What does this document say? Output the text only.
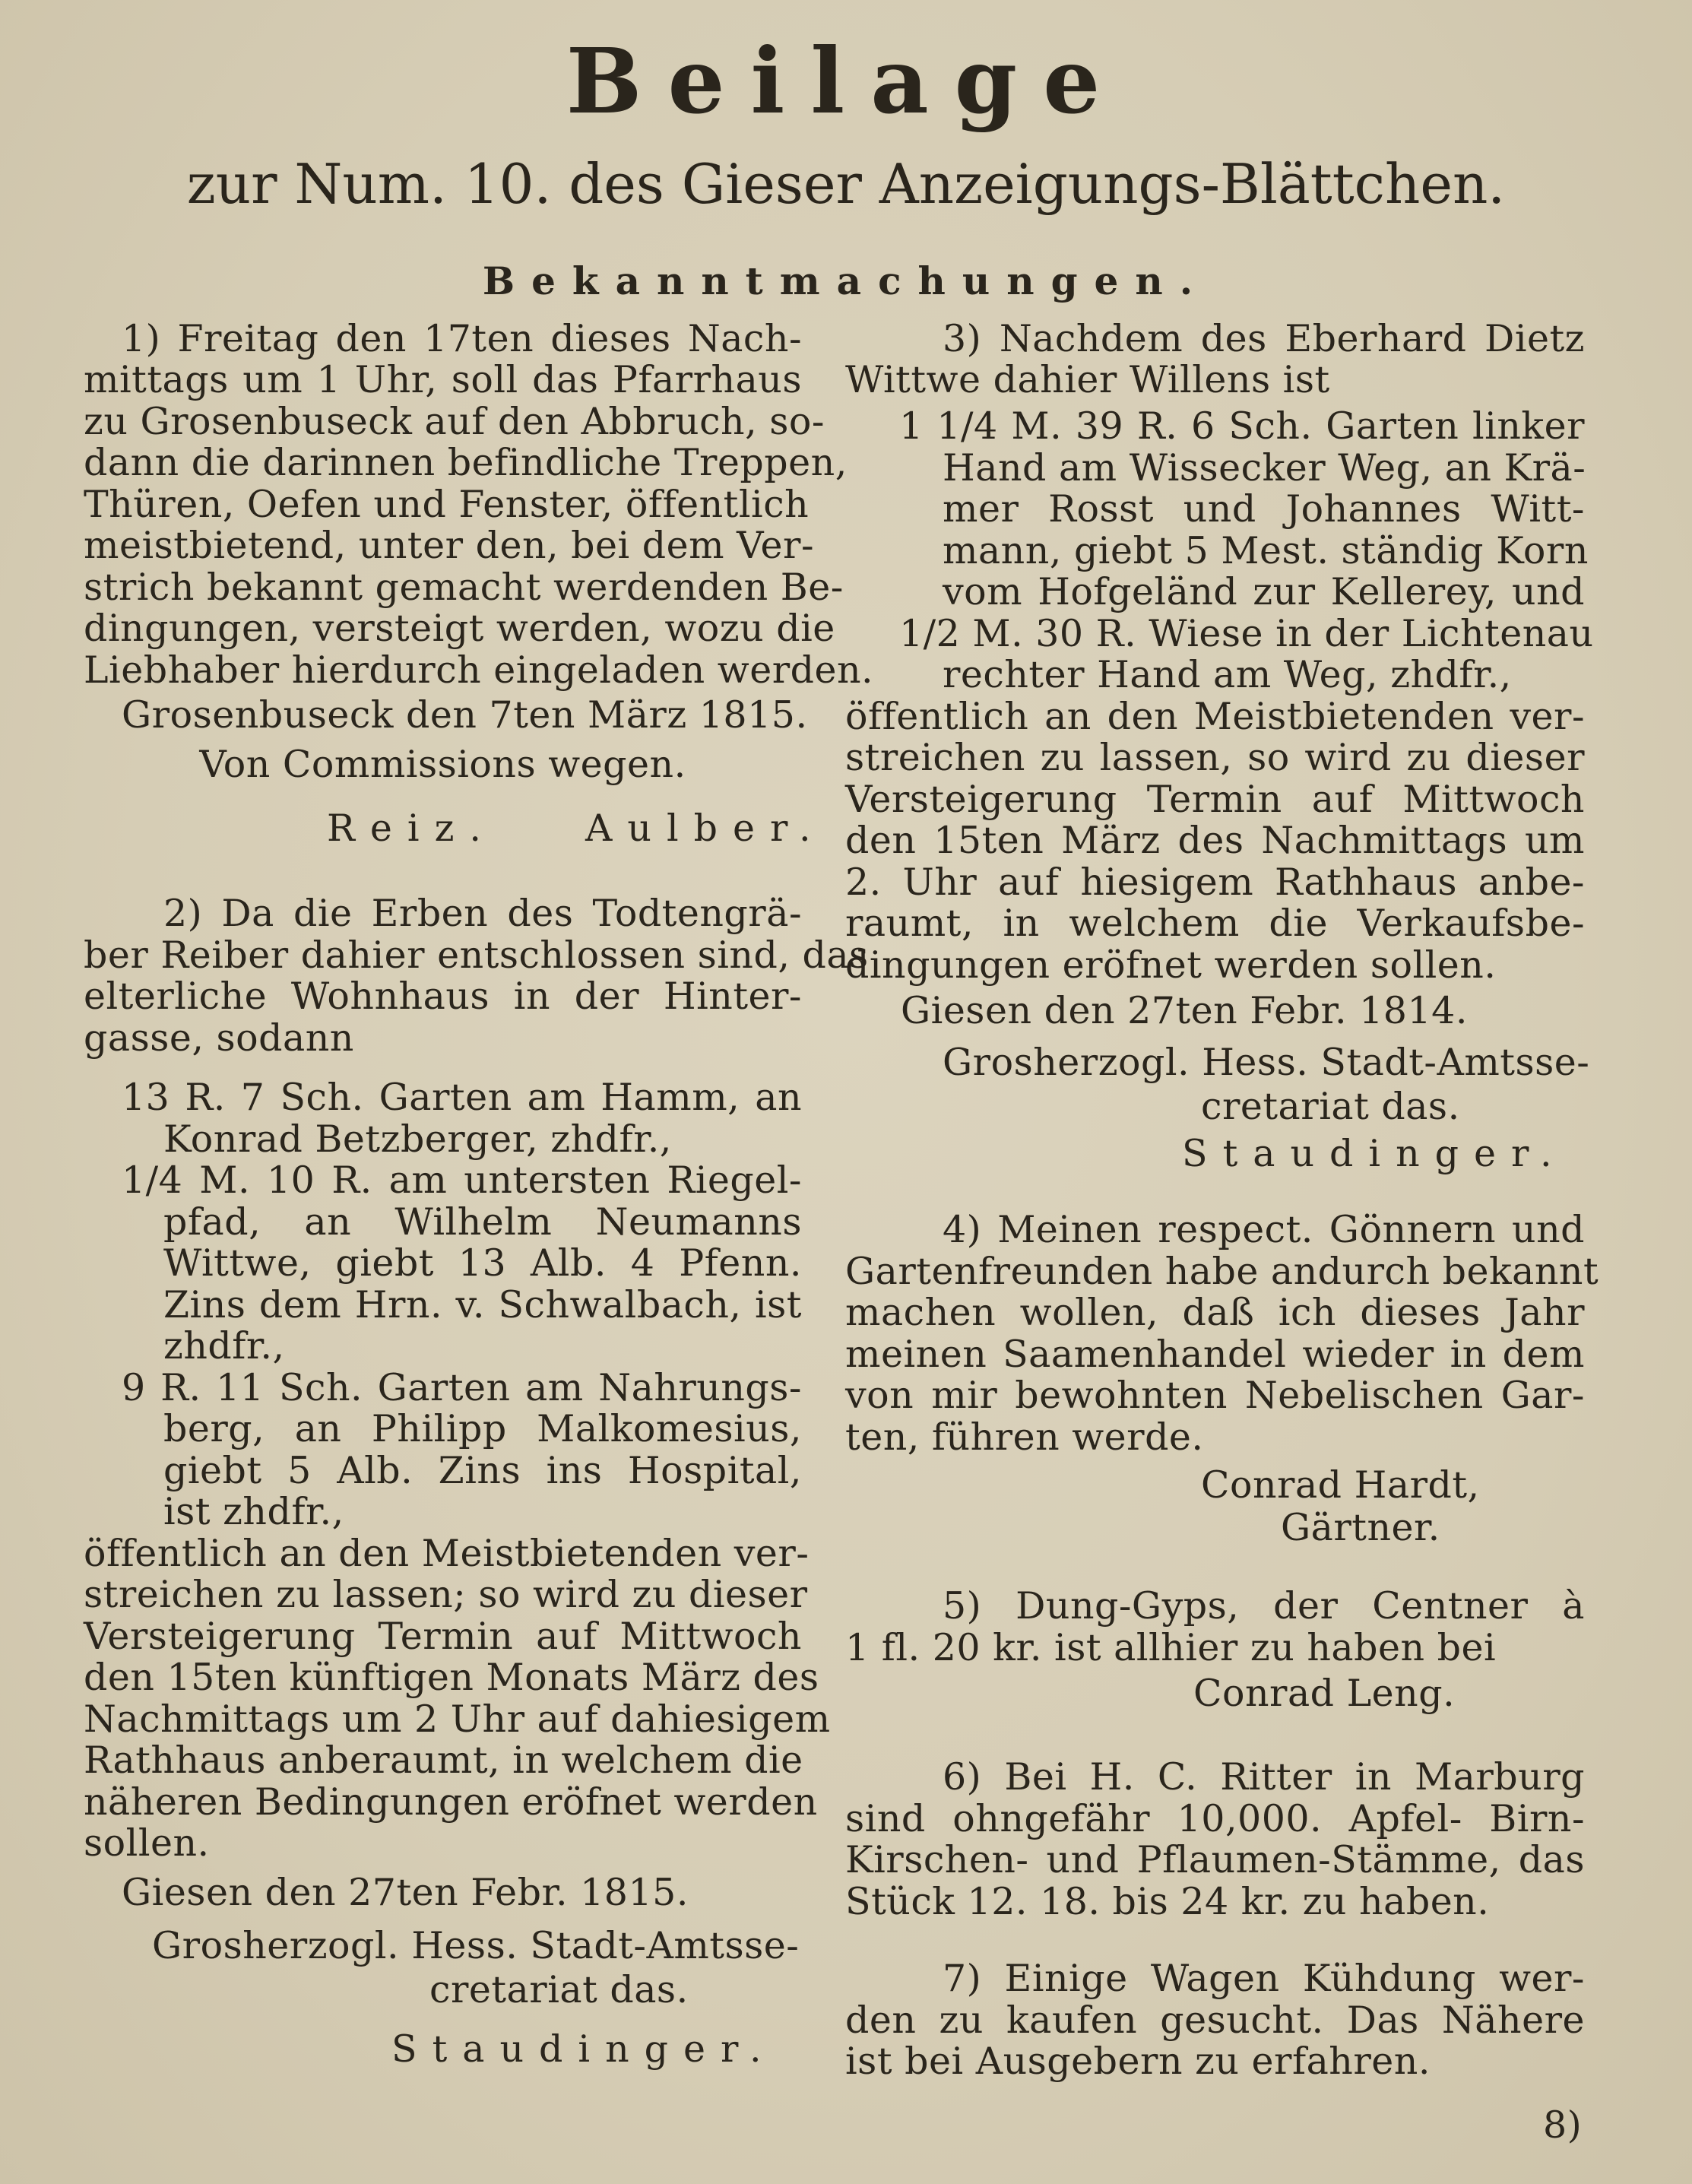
Beilage
zur Num. 10. des Gieser Anzeigungs-Blättchen.
Bekanntmachungen.
1) Freitag den 17ten dieses Nach-
mittags um 1 Uhr, soll das Pfarrhaus
zu Grosenbuseck auf den Abbruch, so-
dann die darinnen befindliche Treppen,
Thüren, Oefen und Fenster, öffentlich
meistbietend, unter den, bei dem Ver-
strich bekannt gemacht werdenden Be-
dingungen, versteigt werden, wozu die
Liebhaber hierdurch eingeladen werden.
Grosenbuseck den 7ten März 1815.
Von Commissions wegen.
Reiz. Aulber.
2) Da die Erben des Todtengrä-
ber Reiber dahier entschlossen sind, das
elterliche Wohnhaus in der Hinter-
gasse, sodann
13 R. 7 Sch. Garten am Hamm, an
Konrad Betzberger, zhdfr.,
1/4 M. 10 R. am untersten Riegel-
pfad, an Wilhelm Neumanns
Wittwe, giebt 13 Alb. 4 Pfenn.
Zins dem Hrn. v. Schwalbach, ist
zhdfr.,
9 R. 11 Sch. Garten am Nahrungs-
berg, an Philipp Malkomesius,
giebt 5 Alb. Zins ins Hospital,
ist zhdfr.,
öffentlich an den Meistbietenden ver-
streichen zu lassen; so wird zu dieser
Versteigerung Termin auf Mittwoch
den 15ten künftigen Monats März des
Nachmittags um 2 Uhr auf dahiesigem
Rathhaus anberaumt, in welchem die
näheren Bedingungen eröfnet werden
sollen.
Giesen den 27ten Febr. 1815.
Grosherzogl. Hess. Stadt-Amtsse-
cretariat das.
Staudinger.
3) Nachdem des Eberhard Dietz
Wittwe dahier Willens ist
1 1/4 M. 39 R. 6 Sch. Garten linker
Hand am Wissecker Weg, an Krä-
mer Rosst und Johannes Witt-
mann, giebt 5 Mest. ständig Korn
vom Hofgeländ zur Kellerey, und
1/2 M. 30 R. Wiese in der Lichtenau
rechter Hand am Weg, zhdfr.,
öffentlich an den Meistbietenden ver-
streichen zu lassen, so wird zu dieser
Versteigerung Termin auf Mittwoch
den 15ten März des Nachmittags um
2. Uhr auf hiesigem Rathhaus anbe-
raumt, in welchem die Verkaufsbe-
dingungen eröfnet werden sollen.
Giesen den 27ten Febr. 1814.
Grosherzogl. Hess. Stadt-Amtsse-
cretariat das.
Staudinger.
4) Meinen respect. Gönnern und
Gartenfreunden habe andurch bekannt
machen wollen, daß ich dieses Jahr
meinen Saamenhandel wieder in dem
von mir bewohnten Nebelischen Gar-
ten, führen werde.
Conrad Hardt,
Gärtner.
5) Dung-Gyps, der Centner à
1 fl. 20 kr. ist allhier zu haben bei
Conrad Leng.
6) Bei H. C. Ritter in Marburg
sind ohngefähr 10,000. Apfel- Birn-
Kirschen- und Pflaumen-Stämme, das
Stück 12. 18. bis 24 kr. zu haben.
7) Einige Wagen Kühdung wer-
den zu kaufen gesucht. Das Nähere
ist bei Ausgebern zu erfahren.
8)
